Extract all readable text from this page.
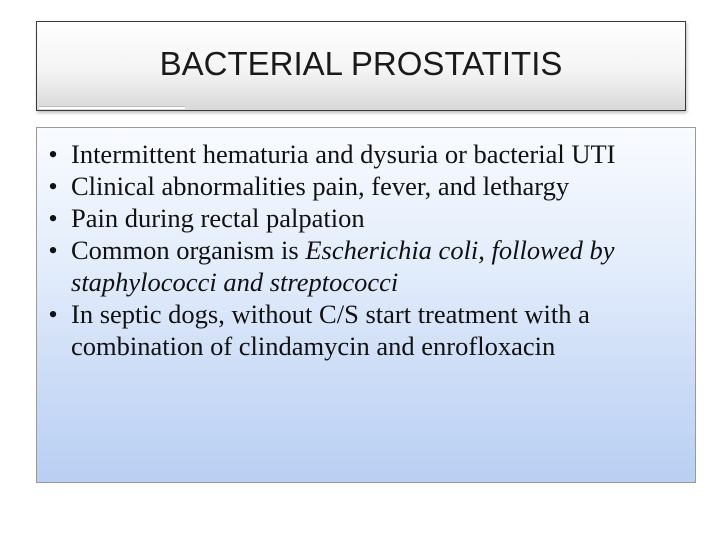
BACTERIAL PROSTATITIS
• Intermittent hematuria and dysuria or bacterial UTI
• Clinical abnormalities pain, fever, and lethargy
• Pain during rectal palpation
• Common organism is Escherichia coli, followed by staphylococci and streptococci
• In septic dogs, without C/S start treatment with a combination of clindamycin and enrofloxacin
